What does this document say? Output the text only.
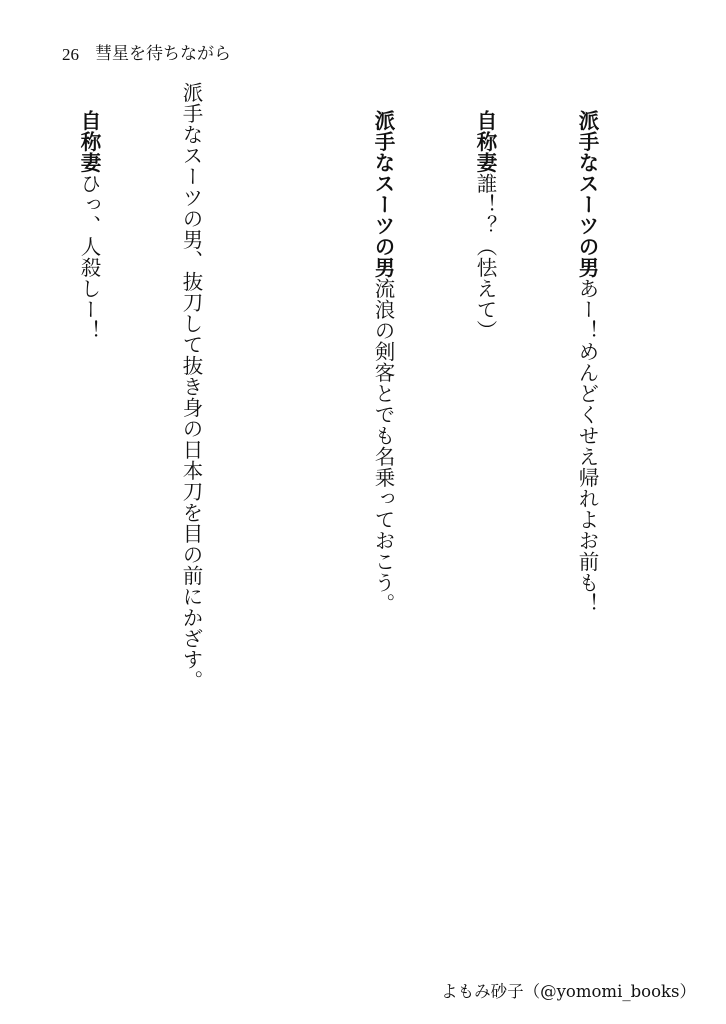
26 彗星を待ちながら

派手なスーツの男あー！めんどくせえ帰れよお前も！

自称妻誰！？（怯えて）

派手なスーツの男流浪の剣客とでも名乗っておこう。

派手なスーツの男、抜刀して抜き身の日本刀を目の前にかざす。

自称妻ひっ、人殺しー！

よもみ砂子（@yomomi_books）
